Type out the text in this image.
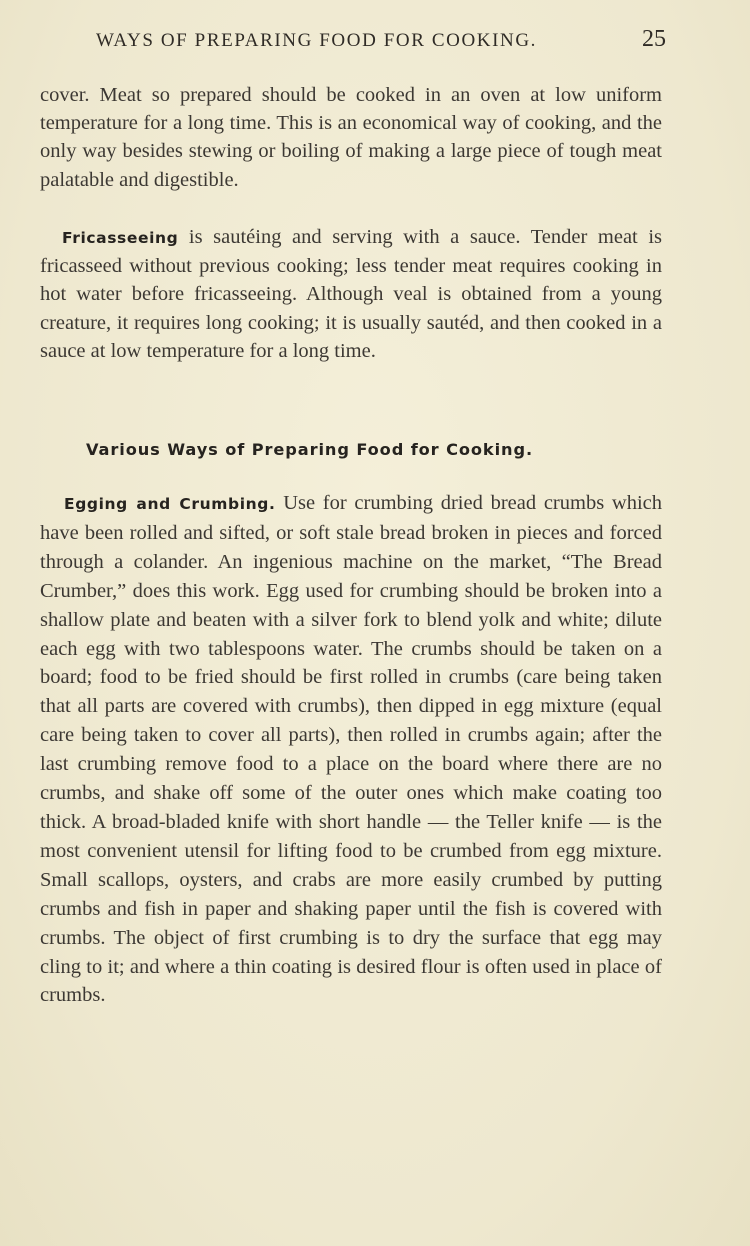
WAYS OF PREPARING FOOD FOR COOKING.	25

cover. Meat so prepared should be cooked in an oven at low uniform temperature for a long time. This is an economical way of cooking, and the only way besides stewing or boiling of making a large piece of tough meat palatable and digestible.

Fricasseeing is sautéing and serving with a sauce. Tender meat is fricasseed without previous cooking; less tender meat requires cooking in hot water before fricasseeing. Although veal is obtained from a young creature, it requires long cooking; it is usually sautéd, and then cooked in a sauce at low temperature for a long time.

Various Ways of Preparing Food for Cooking.

Egging and Crumbing. Use for crumbing dried bread crumbs which have been rolled and sifted, or soft stale bread broken in pieces and forced through a colander. An ingenious machine on the market, “The Bread Crumber,” does this work. Egg used for crumbing should be broken into a shallow plate and beaten with a silver fork to blend yolk and white; dilute each egg with two tablespoons water. The crumbs should be taken on a board; food to be fried should be first rolled in crumbs (care being taken that all parts are covered with crumbs), then dipped in egg mixture (equal care being taken to cover all parts), then rolled in crumbs again; after the last crumbing remove food to a place on the board where there are no crumbs, and shake off some of the outer ones which make coating too thick. A broad-bladed knife with short handle — the Teller knife — is the most convenient utensil for lifting food to be crumbed from egg mixture. Small scallops, oysters, and crabs are more easily crumbed by putting crumbs and fish in paper and shaking paper until the fish is covered with crumbs. The object of first crumbing is to dry the surface that egg may cling to it; and where a thin coating is desired flour is often used in place of crumbs.
